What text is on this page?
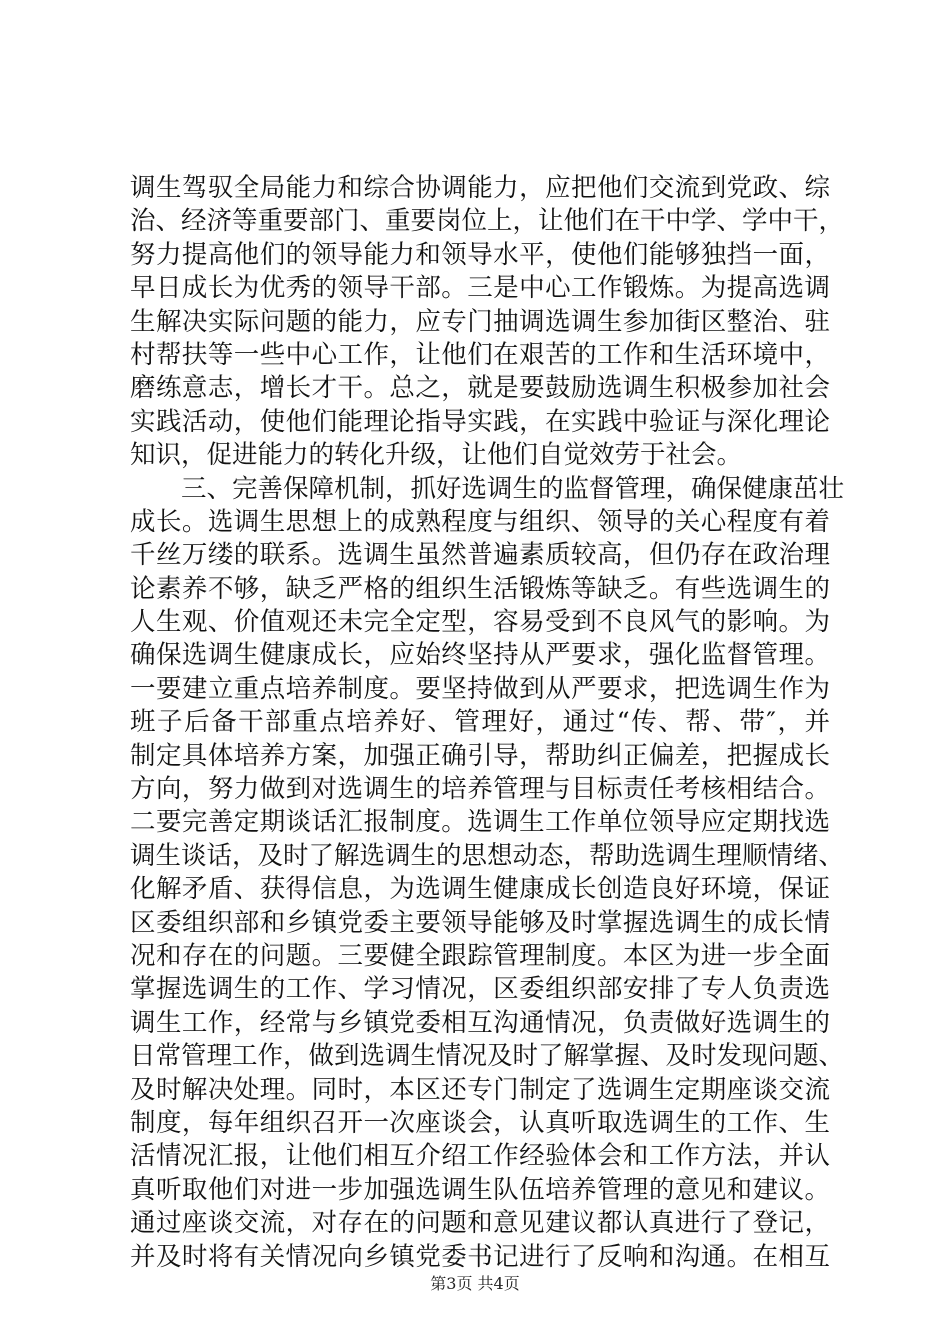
调生驾驭全局能力和综合协调能力，应把他们交流到党政、综
治、经济等重要部门、重要岗位上，让他们在干中学、学中干，
努力提高他们的领导能力和领导水平，使他们能够独挡一面，
早日成长为优秀的领导干部。三是中心工作锻炼。为提高选调
生解决实际问题的能力，应专门抽调选调生参加街区整治、驻
村帮扶等一些中心工作，让他们在艰苦的工作和生活环境中，
磨练意志，增长才干。总之，就是要鼓励选调生积极参加社会
实践活动，使他们能理论指导实践，在实践中验证与深化理论
知识，促进能力的转化升级，让他们自觉效劳于社会。
三、完善保障机制，抓好选调生的监督管理，确保健康茁壮
成长。选调生思想上的成熟程度与组织、领导的关心程度有着
千丝万缕的联系。选调生虽然普遍素质较高，但仍存在政治理
论素养不够，缺乏严格的组织生活锻炼等缺乏。有些选调生的
人生观、价值观还未完全定型，容易受到不良风气的影响。为
确保选调生健康成长，应始终坚持从严要求，强化监督管理。
一要建立重点培养制度。要坚持做到从严要求，把选调生作为
班子后备干部重点培养好、管理好，通过“传、帮、带″，并
制定具体培养方案，加强正确引导，帮助纠正偏差，把握成长
方向，努力做到对选调生的培养管理与目标责任考核相结合。
二要完善定期谈话汇报制度。选调生工作单位领导应定期找选
调生谈话，及时了解选调生的思想动态，帮助选调生理顺情绪、
化解矛盾、获得信息，为选调生健康成长创造良好环境，保证
区委组织部和乡镇党委主要领导能够及时掌握选调生的成长情
况和存在的问题。三要健全跟踪管理制度。本区为进一步全面
掌握选调生的工作、学习情况，区委组织部安排了专人负责选
调生工作，经常与乡镇党委相互沟通情况，负责做好选调生的
日常管理工作，做到选调生情况及时了解掌握、及时发现问题、
及时解决处理。同时，本区还专门制定了选调生定期座谈交流
制度，每年组织召开一次座谈会，认真听取选调生的工作、生
活情况汇报，让他们相互介绍工作经验体会和工作方法，并认
真听取他们对进一步加强选调生队伍培养管理的意见和建议。
通过座谈交流，对存在的问题和意见建议都认真进行了登记，
并及时将有关情况向乡镇党委书记进行了反响和沟通。在相互
第3页 共4页
